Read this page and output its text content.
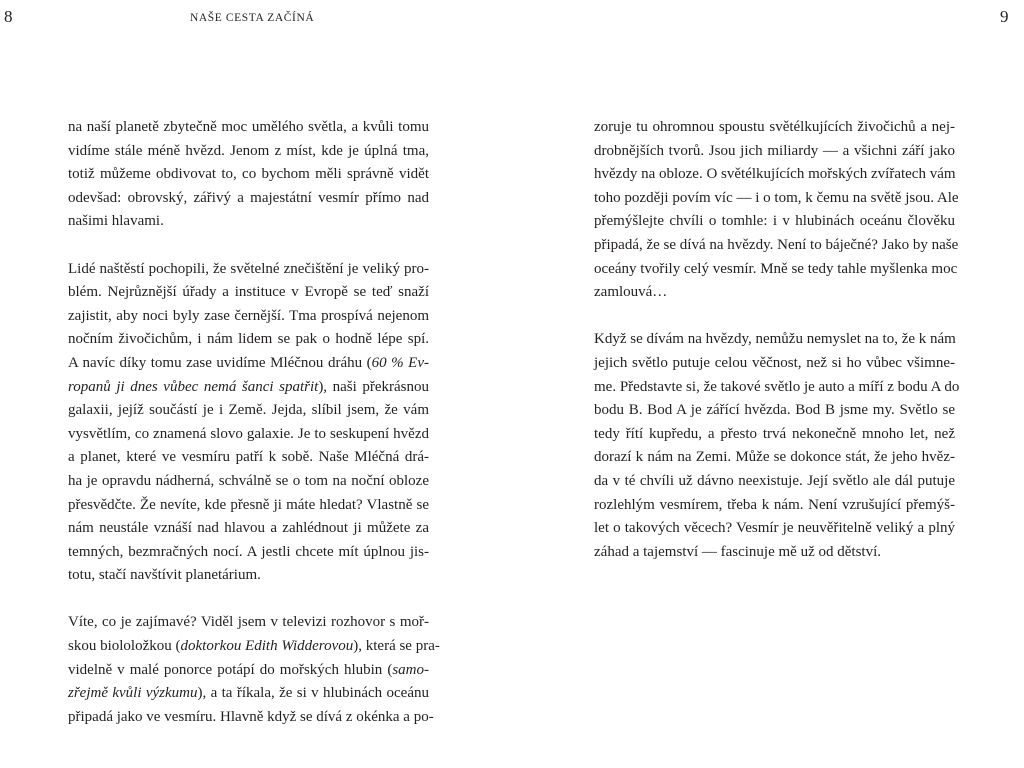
8	NAŠE CESTA ZAČÍNÁ	9
na naší planetě zbytečně moc umělého světla, a kvůli tomu
vidíme stále méně hvězd. Jenom z míst, kde je úplná tma,
totiž můžeme obdivovat to, co bychom měli správně vidět
odevšad: obrovský, zářivý a majestátní vesmír přímo nad
našimi hlavami.
Lidé naštěstí pochopili, že světelné znečištění je veliký pro-
blém. Nejrůznější úřady a instituce v Evropě se teď snaží
zajistit, aby noci byly zase černější. Tma prospívá nejenom
nočním živočichům, i nám lidem se pak o hodně lépe spí.
A navíc díky tomu zase uvidíme Mléčnou dráhu (60 % Ev-
ropanů ji dnes vůbec nemá šanci spatřit), naši překrásnou
galaxii, jejíž součástí je i Země. Jejda, slíbil jsem, že vám
vysvětlím, co znamená slovo galaxie. Je to seskupení hvězd
a planet, které ve vesmíru patří k sobě. Naše Mléčná drá-
ha je opravdu nádherná, schválně se o tom na noční obloze
přesvědčte. Že nevíte, kde přesně ji máte hledat? Vlastně se
nám neustále vznáší nad hlavou a zahlédnout ji můžete za
temných, bezmračných nocí. A jestli chcete mít úplnou jis-
totu, stačí navštívit planetárium.
Víte, co je zajímavé? Viděl jsem v televizi rozhovor s moř-
skou biololožkou (doktorkou Edith Widderovou), která se pra-
videlně v malé ponorce potápí do mořských hlubin (samo-
zřejmě kvůli výzkumu), a ta říkala, že si v hlubinách oceánu
připadá jako ve vesmíru. Hlavně když se dívá z okénka a po-
zoruje tu ohromnou spoustu světélkujících živočichů a nej-
drobnějších tvorů. Jsou jich miliardy — a všichni září jako
hvězdy na obloze. O světélkujících mořských zvířatech vám
toho později povím víc — i o tom, k čemu na světě jsou. Ale
přemýšlejte chvíli o tomhle: i v hlubinách oceánu člověku
připadá, že se dívá na hvězdy. Není to báječné? Jako by naše
oceány tvořily celý vesmír. Mně se tedy tahle myšlenka moc
zamlouvá…
Když se dívám na hvězdy, nemůžu nemyslet na to, že k nám
jejich světlo putuje celou věčnost, než si ho vůbec všimne-
me. Představte si, že takové světlo je auto a míří z bodu A do
bodu B. Bod A je zářící hvězda. Bod B jsme my. Světlo se
tedy řítí kupředu, a přesto trvá nekonečně mnoho let, než
dorazí k nám na Zemi. Může se dokonce stát, že jeho hvěz-
da v té chvíli už dávno neexistuje. Její světlo ale dál putuje
rozlehlým vesmírem, třeba k nám. Není vzrušující přemýš-
let o takových věcech? Vesmír je neuvěřitelně veliký a plný
záhad a tajemství — fascinuje mě už od dětství.
